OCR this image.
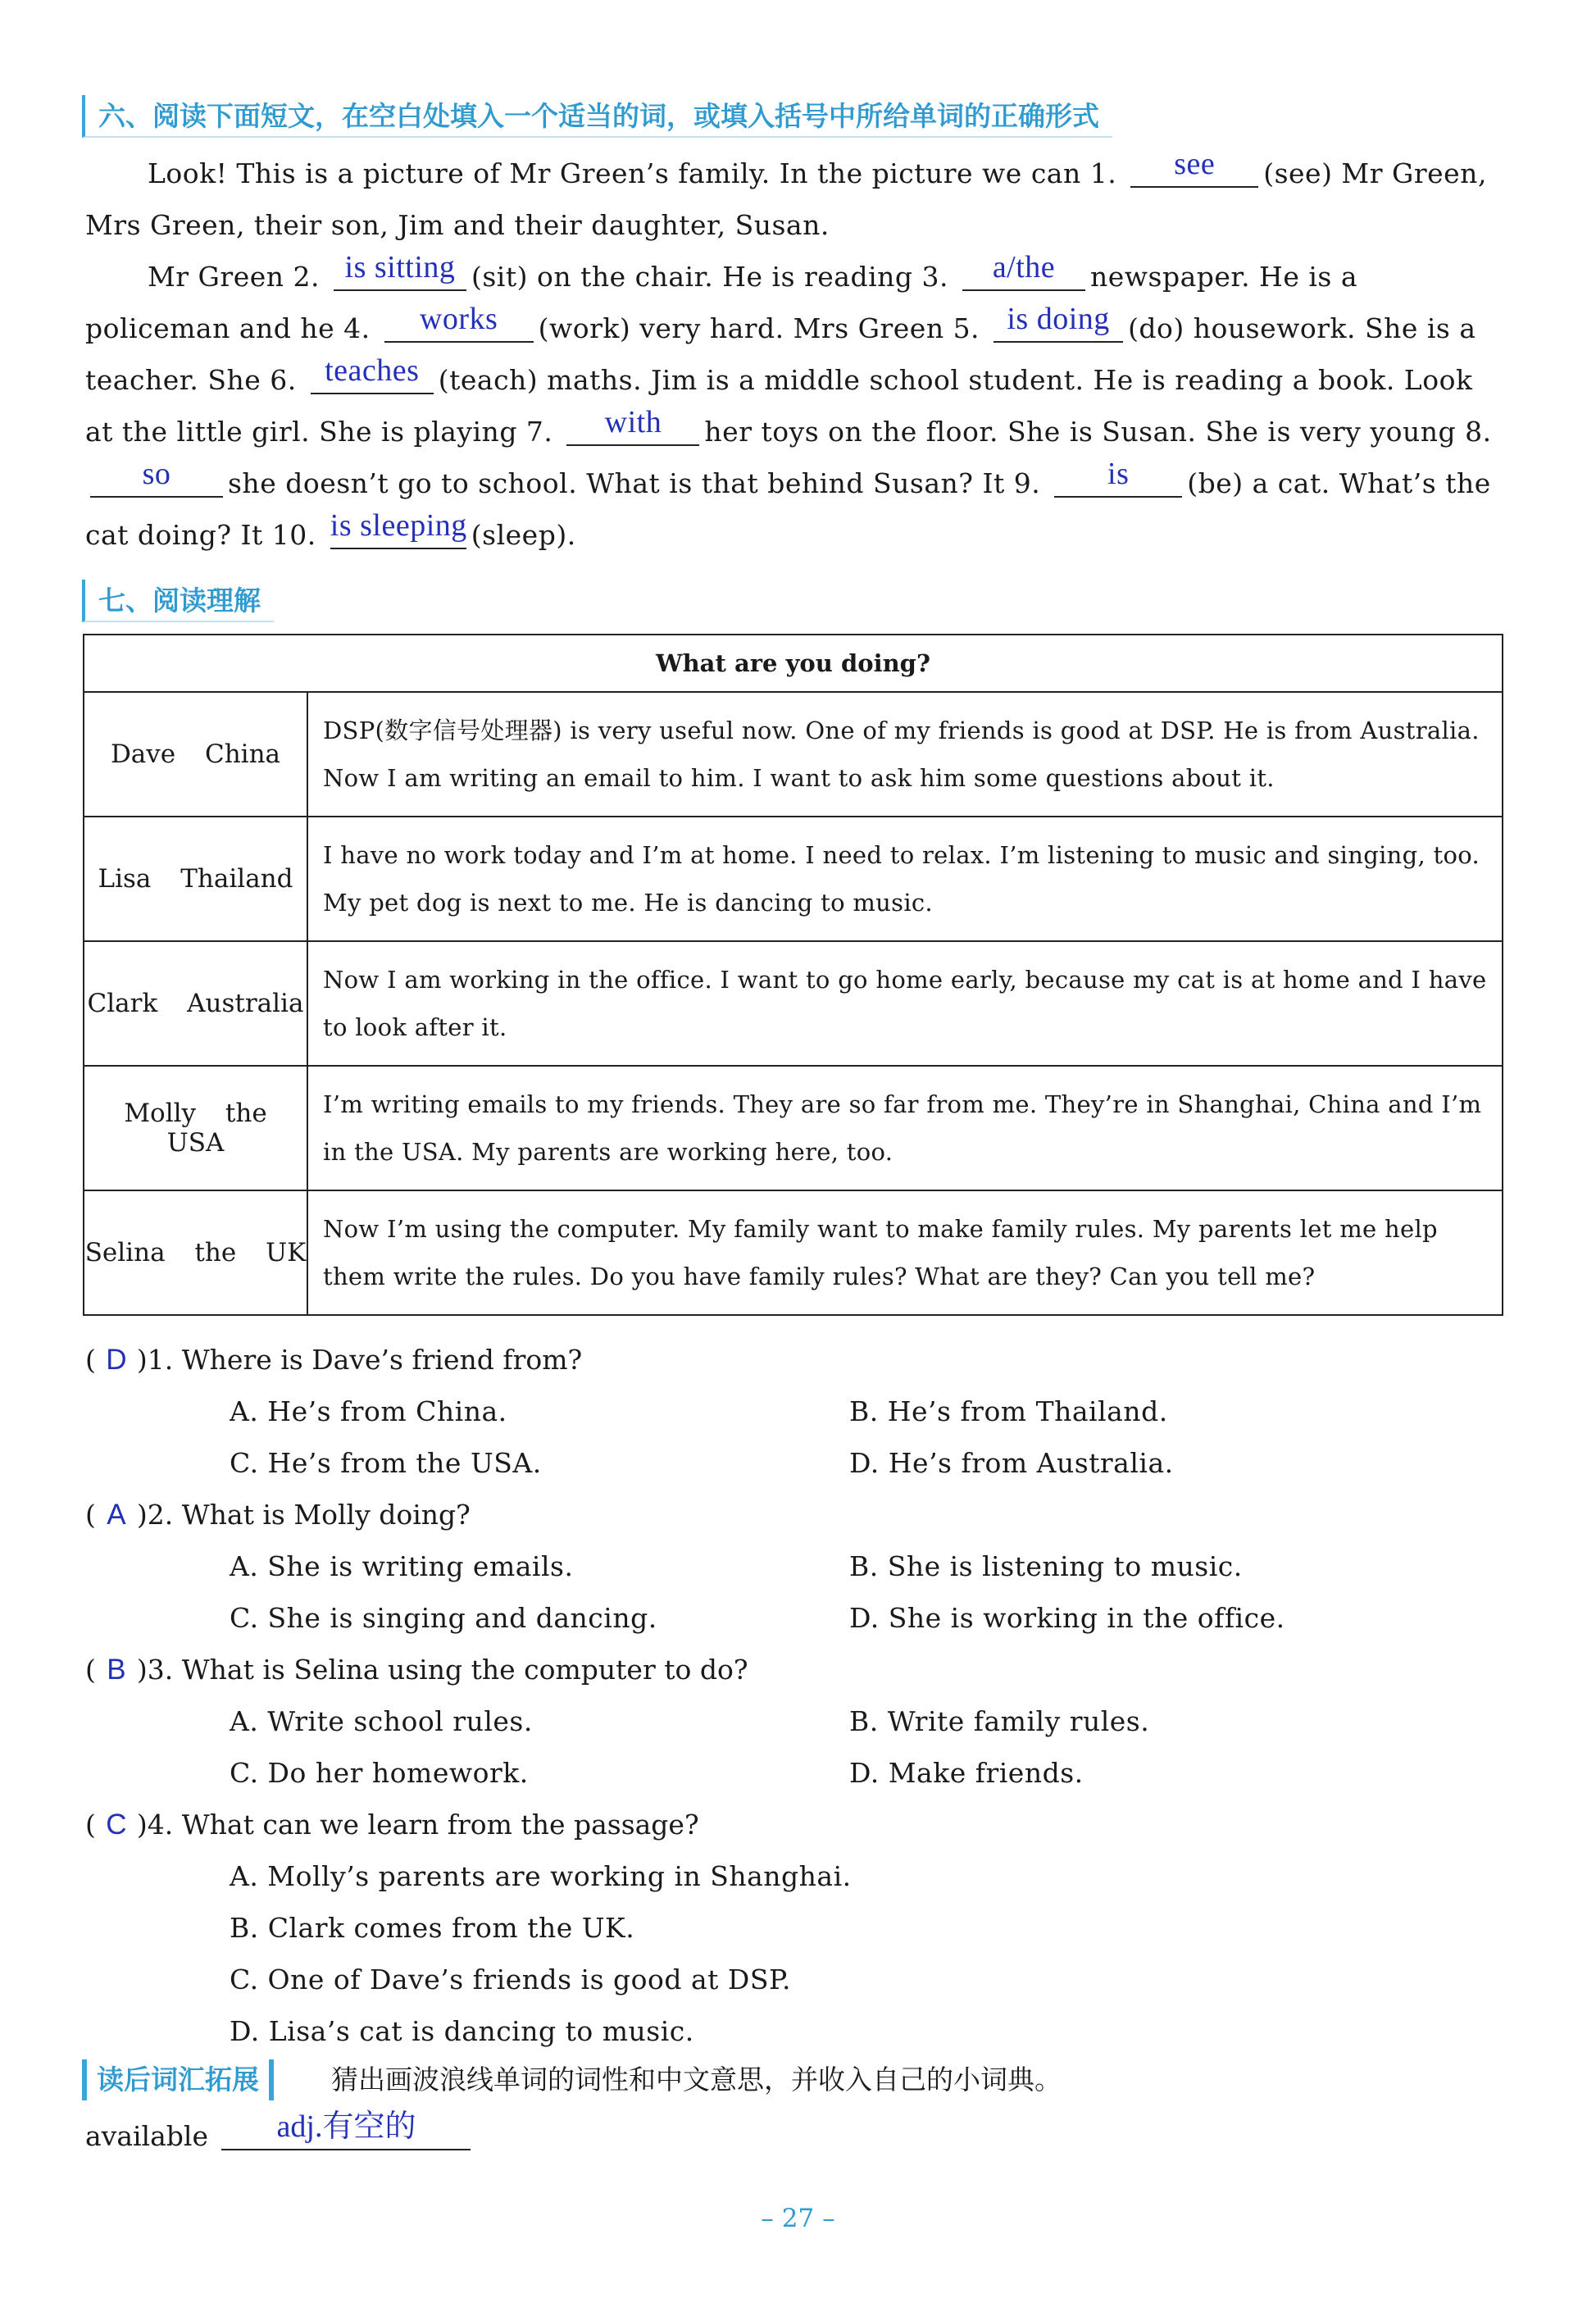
六、阅读下面短文，在空白处填入一个适当的词，或填入括号中所给单词的正确形式
Look! This is a picture of Mr Green’s family. In the picture we can 1.	see	(see) Mr Green, Mrs Green, their son, Jim and their daughter, Susan.
Mr Green 2. is sitting (sit) on the chair. He is reading 3.	a/the	newspaper. He is a policeman and he 4.	works	(work) very hard. Mrs Green 5. is doing (do) housework. She is a teacher. She 6. teaches (teach) maths. Jim is a middle school student. He is reading a book. Look at the little girl. She is playing 7.	with	her toys on the floor. She is Susan. She is very young 8.
so	she doesn’t go to school. What is that behind Susan? It 9.	is	(be) a cat. What’s the cat doing? It 10. is sleeping (sleep).
七、阅读理解
What are you doing?	
Dave China	DSP(数字信号处理器) is very useful now. One of my friends is good at DSP. He is from Australia. Now I am writing an email to him. I want to ask him some questions about it.
Lisa Thailand	I have no work today and I’m at home. I need to relax. I’m listening to music and singing, too. My pet dog is next to me. He is dancing to music.
Clark Australia	Now I am working in the office. I want to go home early, because my cat is at home and I have to look after it.
Molly the USA	I’m writing emails to my friends. They are so far from me. They’re in Shanghai, China and I’m in the USA. My parents are working here, too.
Selina the UK	Now I’m using the computer. My family want to make family rules. My parents let me help them write the rules. Do you have family rules? What are they? Can you tell me?
( D )1. Where is Dave’s friend from?
A. He’s from China.	B. He’s from Thailand.
C. He’s from the USA.	D. He’s from Australia.
( A )2. What is Molly doing?
A. She is writing emails.	B. She is listening to music.
C. She is singing and dancing.	D. She is working in the office.
( B )3. What is Selina using the computer to do?
A. Write school rules.	B. Write family rules.
C. Do her homework.	D. Make friends.
( C )4. What can we learn from the passage?
A. Molly’s parents are working in Shanghai.
B. Clark comes from the UK.
C. One of Dave’s friends is good at DSP.
D. Lisa’s cat is dancing to music.
读后词汇拓展	猜出画波浪线单词的词性和中文意思，并收入自己的小词典。
available	adj.有空的
– 27 –
